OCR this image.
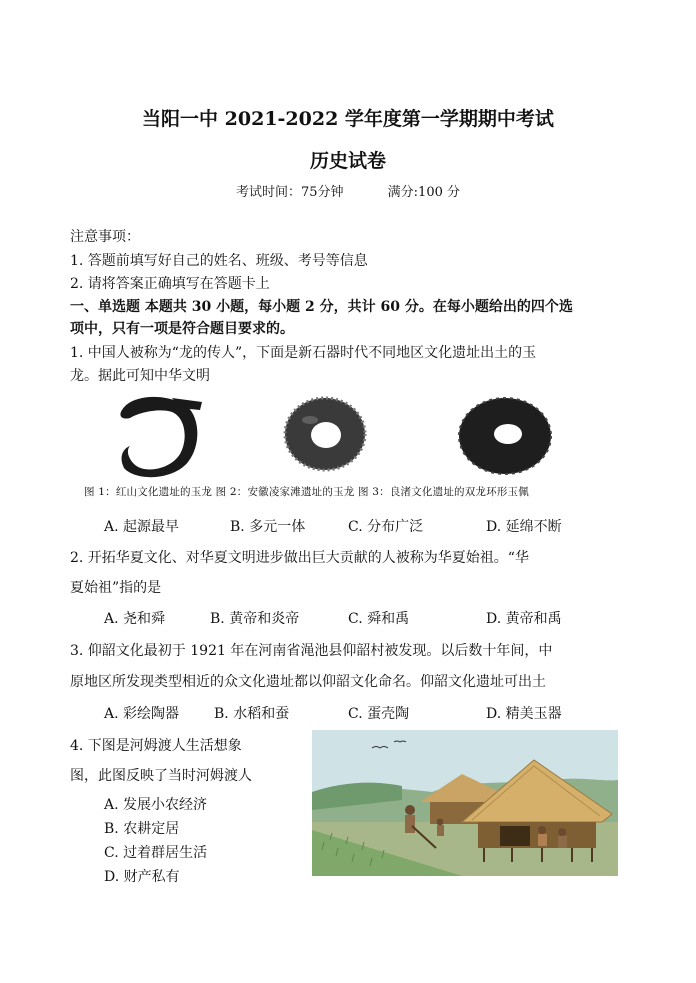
当阳一中 2021-2022 学年度第一学期期中考试
历史试卷
考试时间：75分钟	满分:100 分
注意事项：
1. 答题前填写好自己的姓名、班级、考号等信息
2. 请将答案正确填写在答题卡上
一、单选题 本题共 30 小题，每小题 2 分，共计 60 分。在每小题给出的四个选
项中，只有一项是符合题目要求的。
1. 中国人被称为“龙的传人”，下面是新石器时代不同地区文化遗址出土的玉
龙。据此可知中华文明
图 1：红山文化遗址的玉龙 图 2：安徽凌家滩遗址的玉龙 图 3：良渚文化遗址的双龙环形玉佩
A. 起源最早	B. 多元一体	C. 分布广泛	D. 延绵不断
2. 开拓华夏文化、对华夏文明进步做出巨大贡献的人被称为华夏始祖。“华
夏始祖”指的是
A. 尧和舜	B. 黄帝和炎帝	C. 舜和禹	D. 黄帝和禹
3. 仰韶文化最初于 1921 年在河南省渑池县仰韶村被发现。以后数十年间，中
原地区所发现类型相近的众文化遗址都以仰韶文化命名。仰韶文化遗址可出土
A. 彩绘陶器 B. 水稻和蚕	C. 蛋壳陶	D. 精美玉器
4. 下图是河姆渡人生活想象
图，此图反映了当时河姆渡人
A. 发展小农经济
B. 农耕定居
C. 过着群居生活
D. 财产私有
